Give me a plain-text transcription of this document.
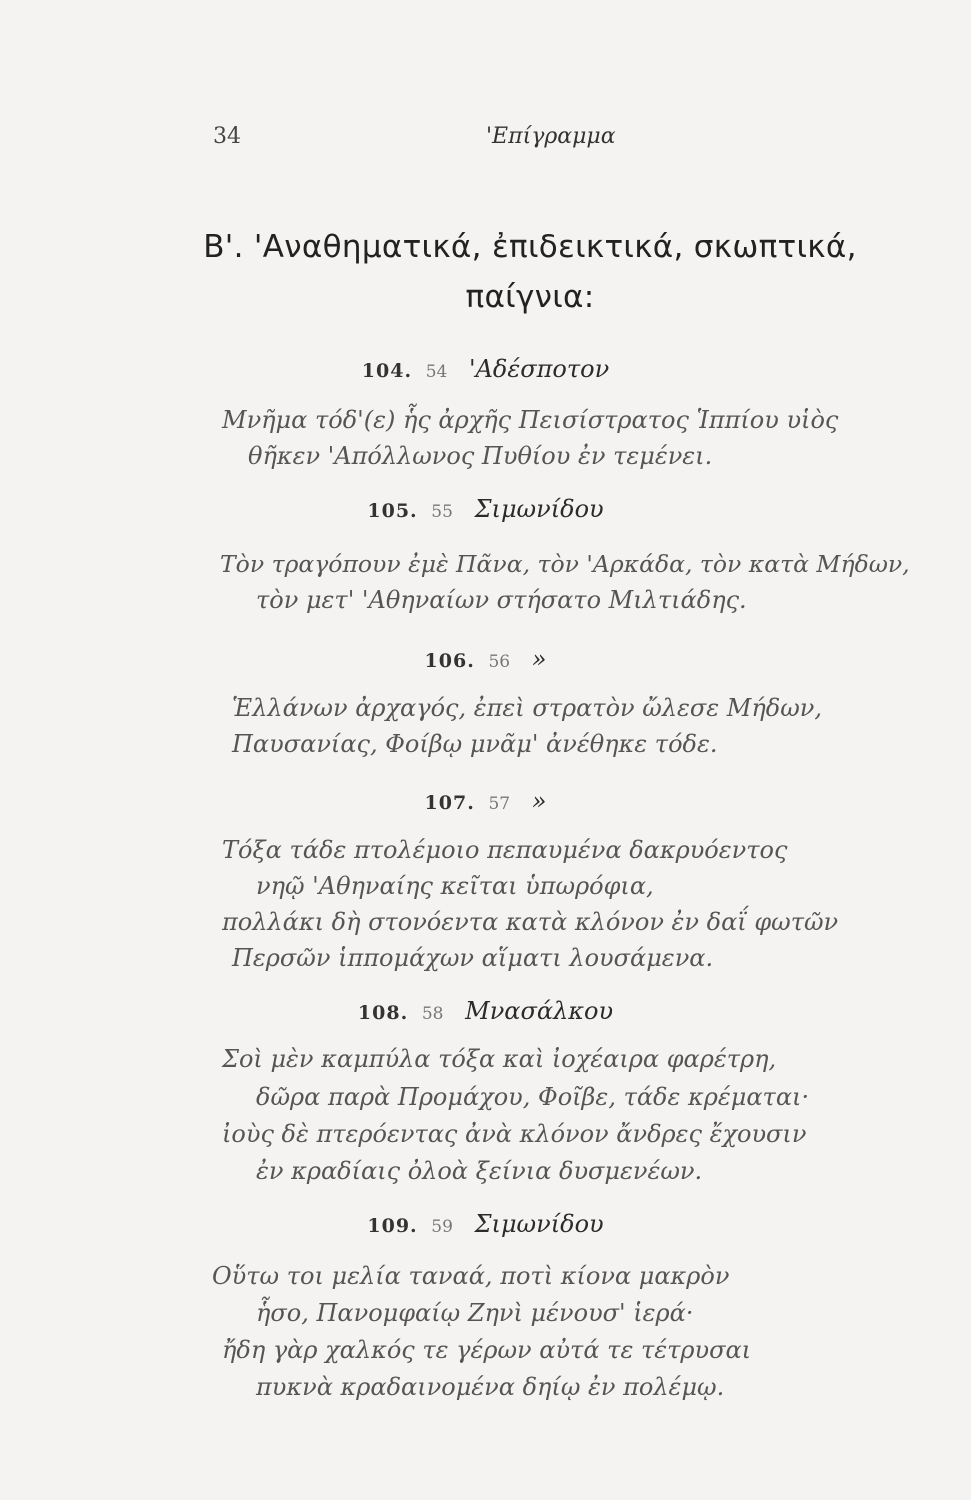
34	'Επίγραμμα
Β'. 'Αναθηματικά, ἐπιδεικτικά, σκωπτικά,
παίγνια:
104. 54 'Αδέσποτον
Μνῆμα τόδ'(ε) ἧς ἀρχῆς Πεισίστρατος Ἱππίου υἱὸς
θῆκεν 'Απόλλωνος Πυθίου ἐν τεμένει.
105. 55 Σιμωνίδου
Τὸν τραγόπουν ἐμὲ Πᾶνα, τὸν 'Αρκάδα, τὸν κατὰ Μήδων,
τὸν μετ' 'Αθηναίων στήσατο Μιλτιάδης.
106. 56 »
Ἑλλάνων ἀρχαγός, ἐπεὶ στρατὸν ὤλεσε Μήδων,
Παυσανίας, Φοίβῳ μνᾶμ' ἀνέθηκε τόδε.
107. 57 »
Τόξα τάδε πτολέμοιο πεπαυμένα δακρυόεντος
νηῷ 'Αθηναίης κεῖται ὑπωρόφια,
πολλάκι δὴ στονόεντα κατὰ κλόνον ἐν δαΐ φωτῶν
Περσῶν ἱππομάχων αἵματι λουσάμενα.
108. 58 Μνασάλκου
Σοὶ μὲν καμπύλα τόξα καὶ ἰοχέαιρα φαρέτρη,
δῶρα παρὰ Προμάχου, Φοῖβε, τάδε κρέμαται·
ἰοὺς δὲ πτερόεντας ἀνὰ κλόνον ἄνδρες ἔχουσιν
ἐν κραδίαις ὀλοὰ ξείνια δυσμενέων.
109. 59 Σιμωνίδου
Οὕτω τοι μελία ταναά, ποτὶ κίονα μακρὸν
ἧσο, Πανομφαίῳ Ζηνὶ μένουσ' ἱερά·
ἤδη γὰρ χαλκός τε γέρων αὐτά τε τέτρυσαι
πυκνὰ κραδαινομένα δηίῳ ἐν πολέμῳ.
